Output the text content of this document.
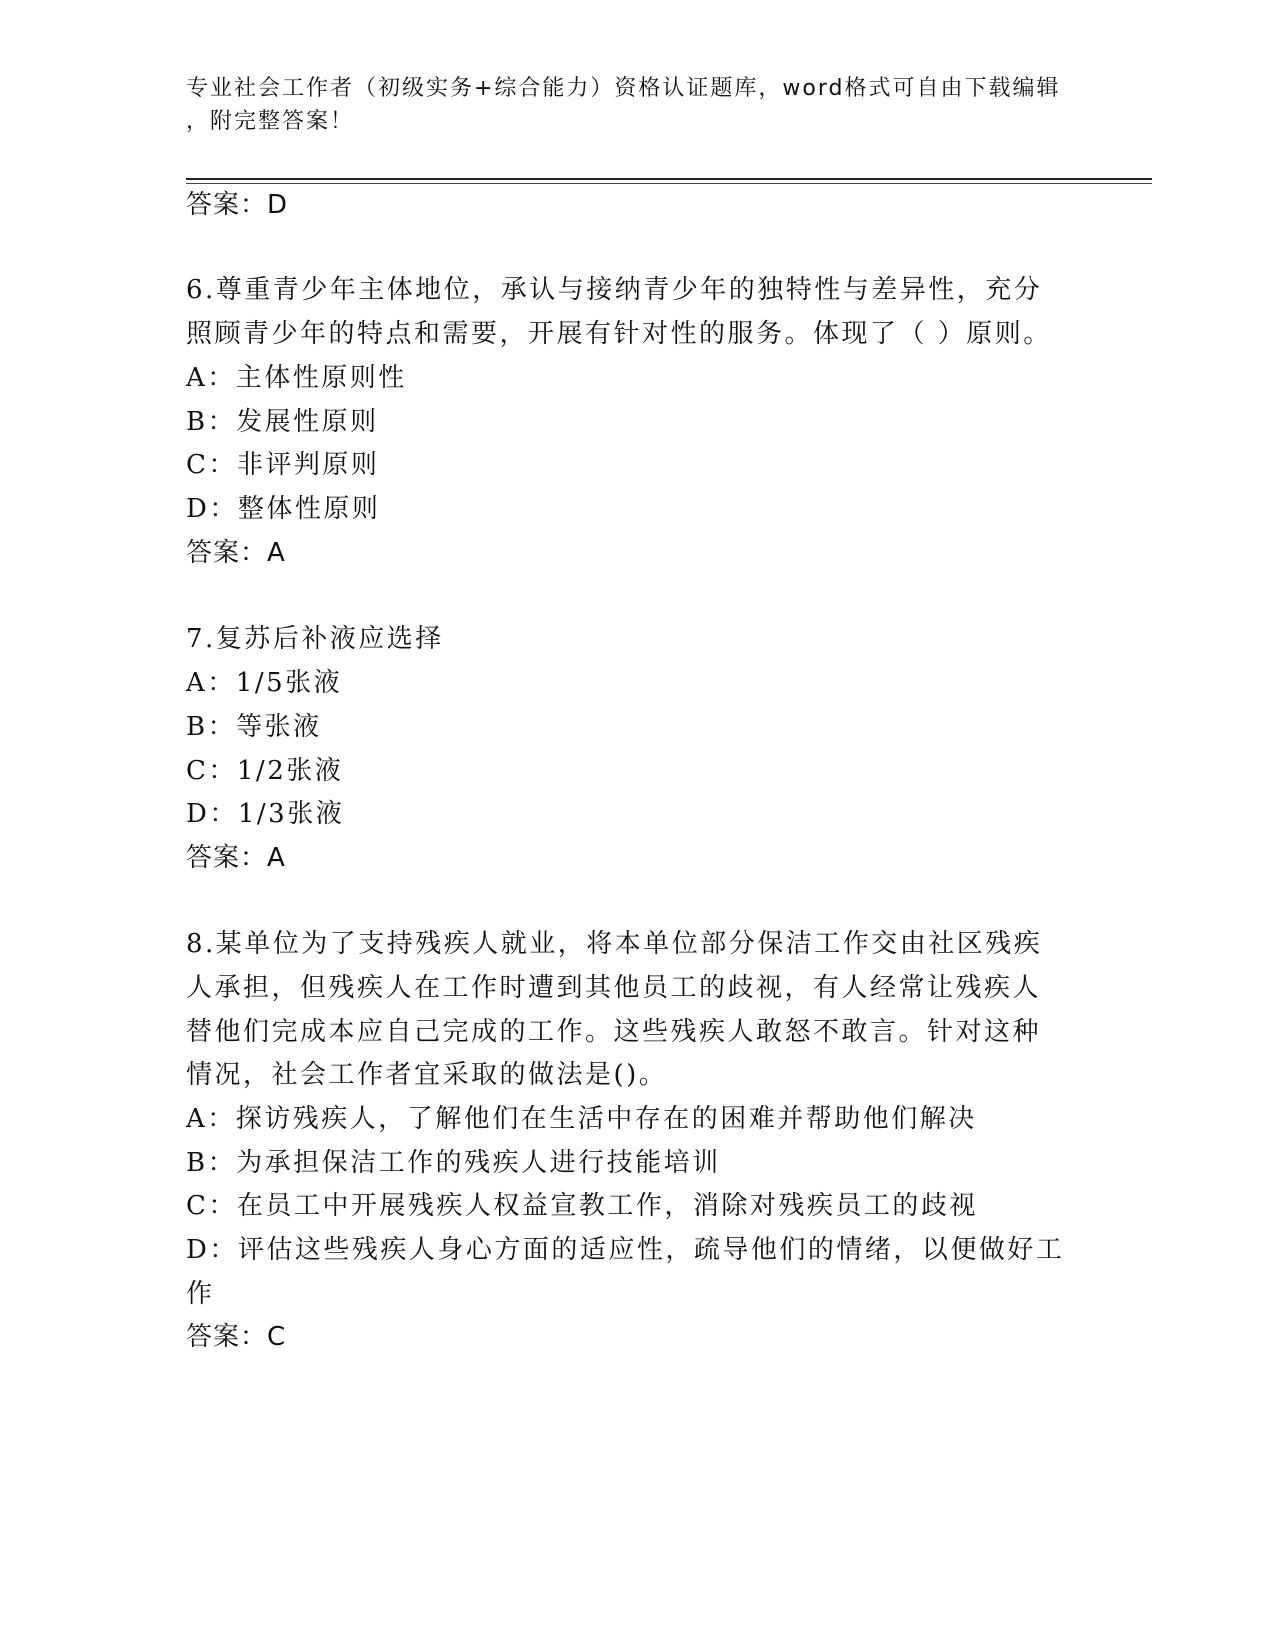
专业社会工作者（初级实务+综合能力）资格认证题库，word格式可自由下载编辑
，附完整答案！
答案：D
6.尊重青少年主体地位，承认与接纳青少年的独特性与差异性，充分
照顾青少年的特点和需要，开展有针对性的服务。体现了（ ）原则。
A：主体性原则性
B：发展性原则
C：非评判原则
D：整体性原则
答案：A
7.复苏后补液应选择
A：1/5张液
B：等张液
C：1/2张液
D：1/3张液
答案：A
8.某单位为了支持残疾人就业，将本单位部分保洁工作交由社区残疾
人承担，但残疾人在工作时遭到其他员工的歧视，有人经常让残疾人
替他们完成本应自己完成的工作。这些残疾人敢怒不敢言。针对这种
情况，社会工作者宜采取的做法是()。
A：探访残疾人，了解他们在生活中存在的困难并帮助他们解决
B：为承担保洁工作的残疾人进行技能培训
C：在员工中开展残疾人权益宣教工作，消除对残疾员工的歧视
D：评估这些残疾人身心方面的适应性，疏导他们的情绪，以便做好工
作
答案：C
